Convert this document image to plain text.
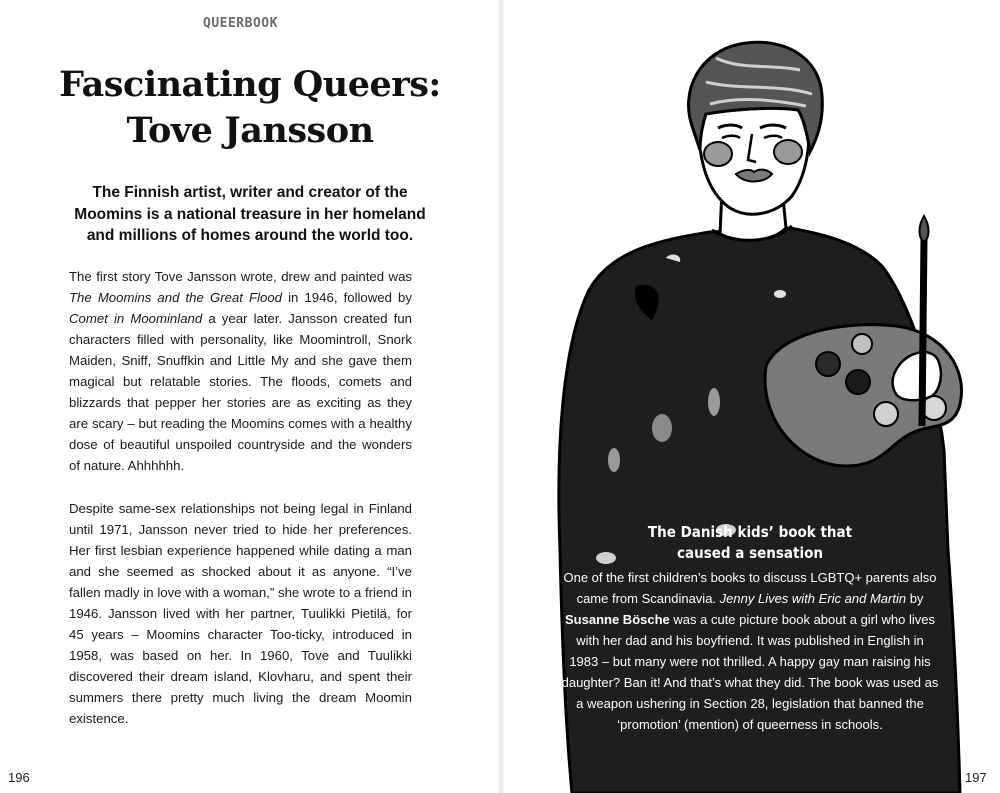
QUEERBOOK
Fascinating Queers:
Tove Jansson
The Finnish artist, writer and creator of the Moomins is a national treasure in her homeland and millions of homes around the world too.
The first story Tove Jansson wrote, drew and painted was The Moomins and the Great Flood in 1946, followed by Comet in Moominland a year later. Jansson created fun characters filled with personality, like Moomintroll, Snork Maiden, Sniff, Snuffkin and Little My and she gave them magical but relatable stories. The floods, comets and blizzards that pepper her stories are as exciting as they are scary – but reading the Moomins comes with a healthy dose of beautiful unspoiled countryside and the wonders of nature. Ahhhhhh.
Despite same-sex relationships not being legal in Finland until 1971, Jansson never tried to hide her preferences. Her first lesbian experience happened while dating a man and she seemed as shocked about it as anyone. “I’ve fallen madly in love with a woman,” she wrote to a friend in 1946. Jansson lived with her partner, Tuulikki Pietilä, for 45 years – Moomins character Too-ticky, introduced in 1958, was based on her. In 1960, Tove and Tuulikki discovered their dream island, Klovharu, and spent their summers there pretty much living the dream Moomin existence.
196
The Danish kids’ book that
caused a sensation
One of the first children’s books to discuss LGBTQ+ parents also came from Scandinavia. Jenny Lives with Eric and Martin by Susanne Bösche was a cute picture book about a girl who lives with her dad and his boyfriend. It was published in English in 1983 – but many were not thrilled. A happy gay man raising his daughter? Ban it! And that’s what they did. The book was used as a weapon ushering in Section 28, legislation that banned the ‘promotion’ (mention) of queerness in schools.
197
